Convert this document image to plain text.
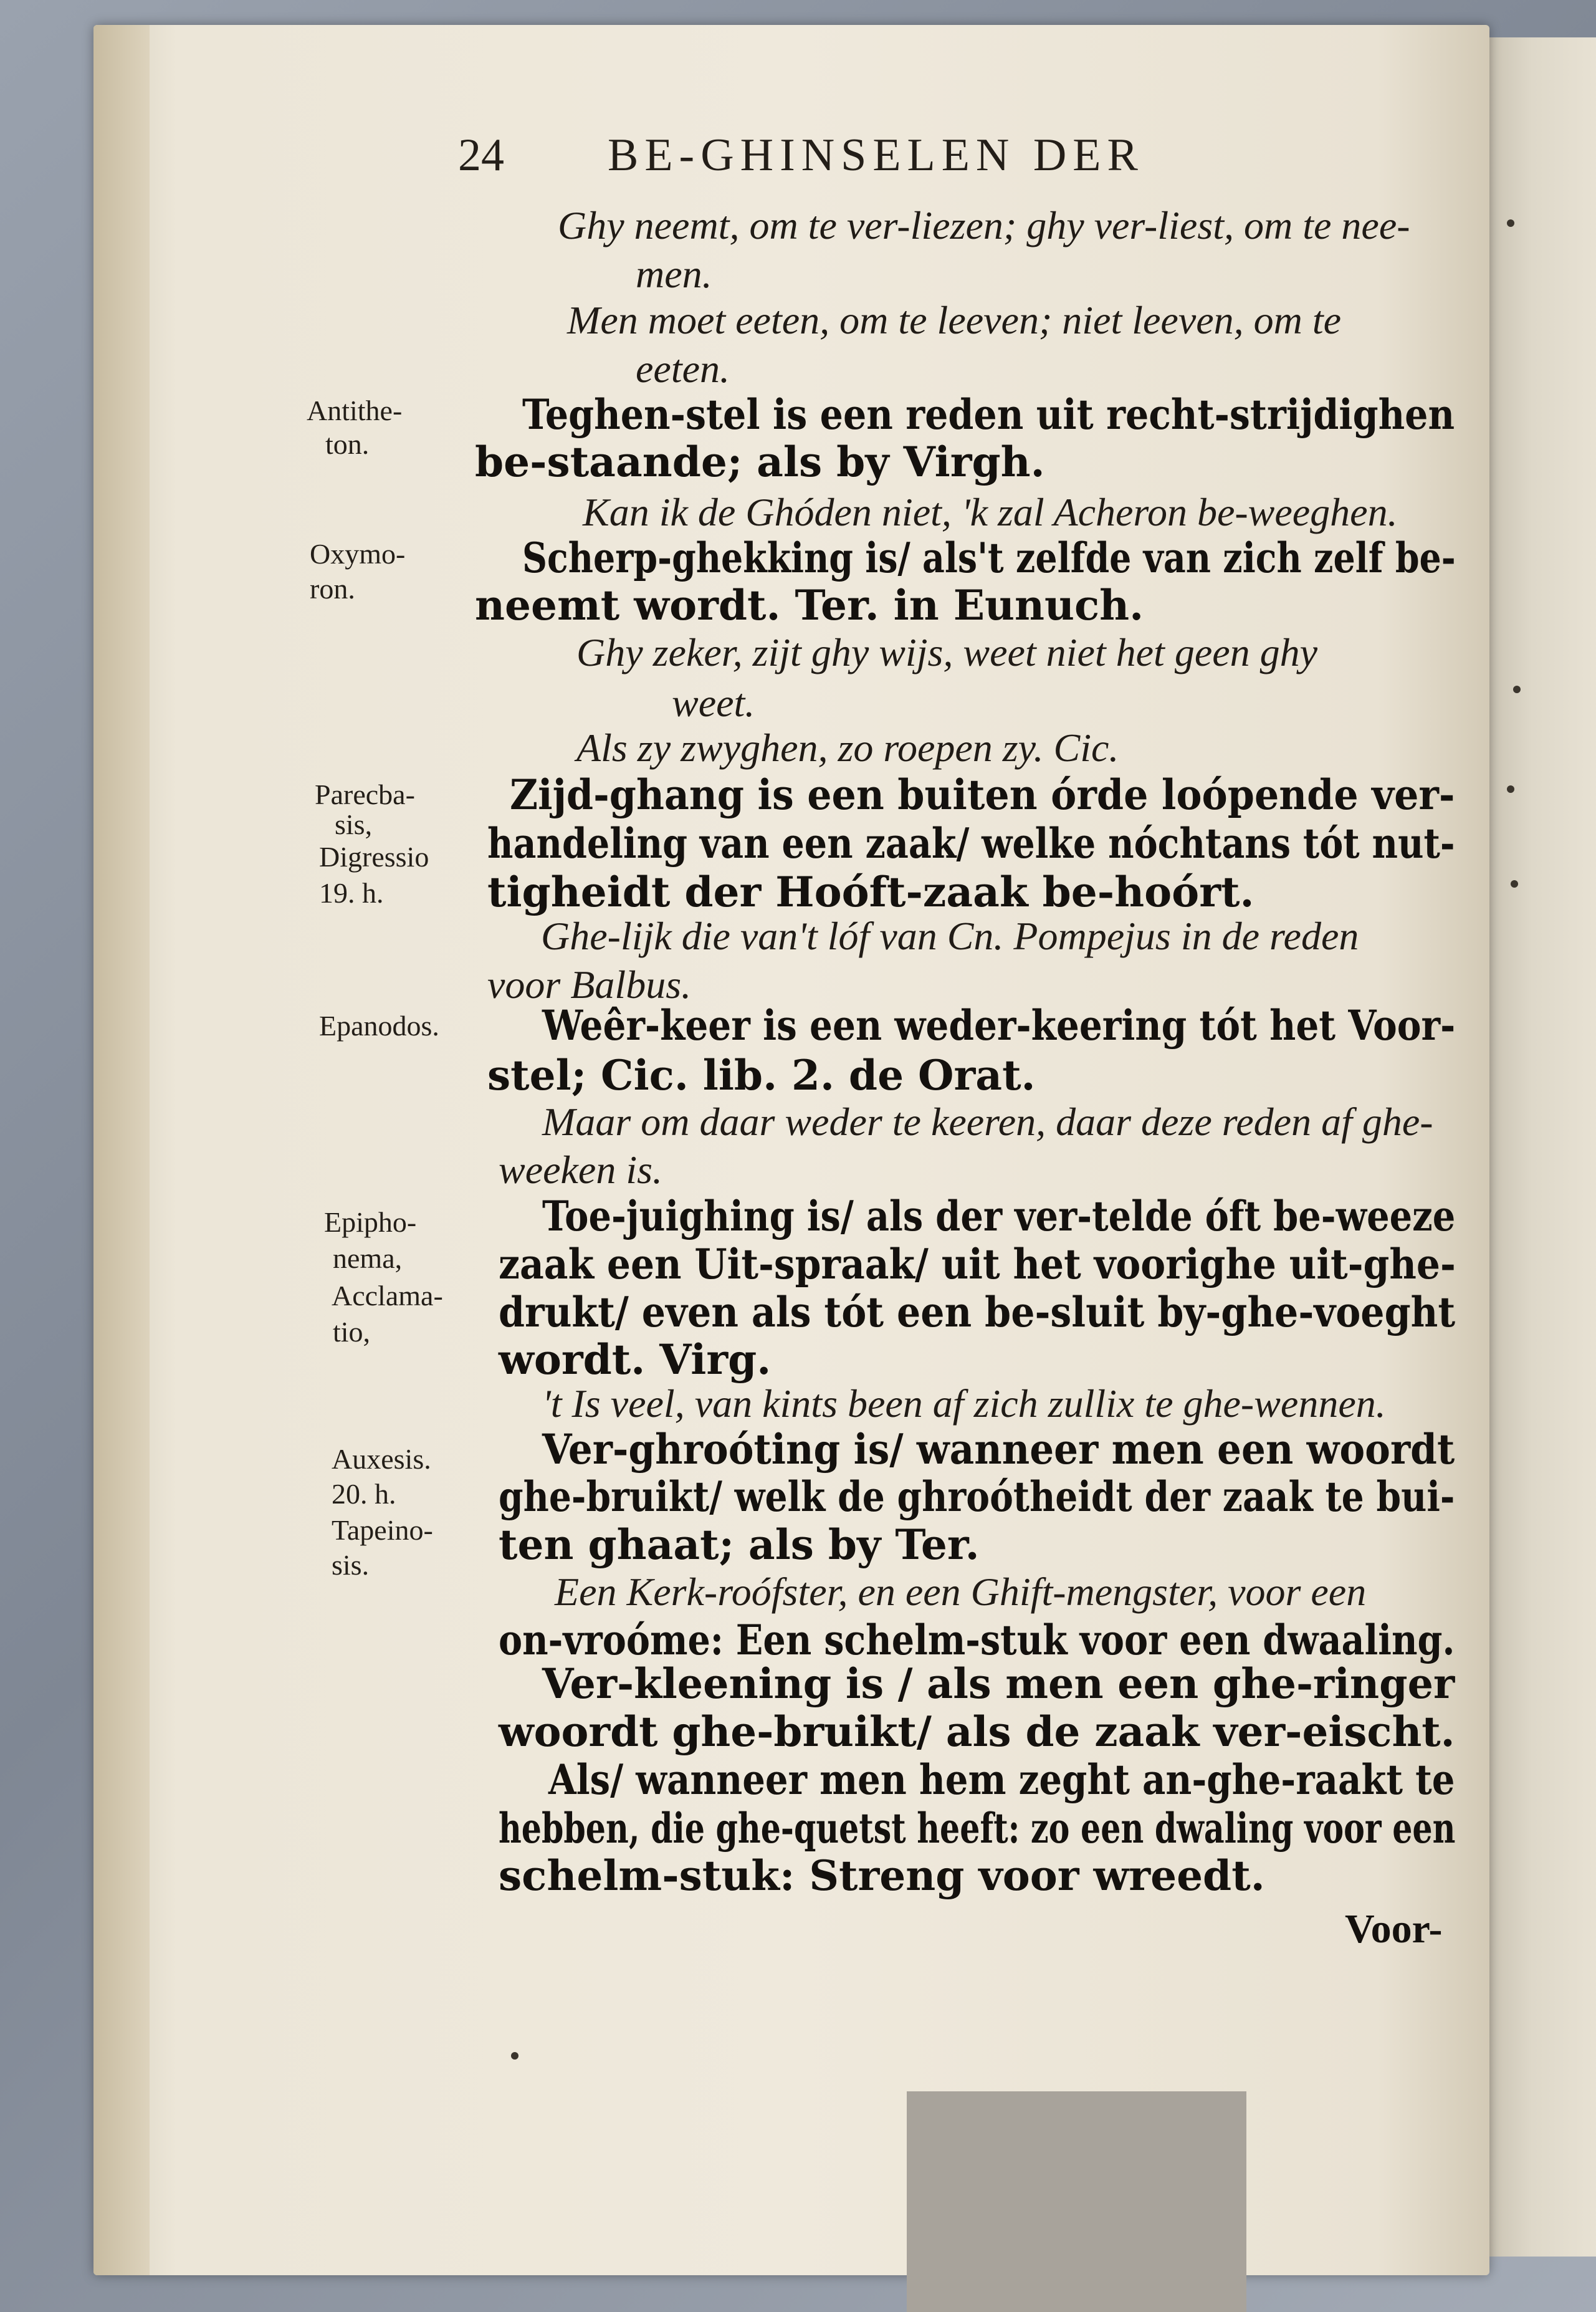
24 BE-GHINSELEN DER
Ghy neemt, om te ver-liezen; ghy ver-liest, om te nee-
men.
Men moet eeten, om te leeven; niet leeven, om te
eeten.
Teghen-stel is een reden uit recht-strijdighen
be-staande; als by Virgh.
Kan ik de Ghóden niet, 'k zal Acheron be-weeghen.
Scherp-ghekking is/ als't zelfde van zich zelf be-
neemt wordt. Ter. in Eunuch.
Ghy zeker, zijt ghy wijs, weet niet het geen ghy
weet.
Als zy zwyghen, zo roepen zy. Cic.
Zijd-ghang is een buiten órde loópende ver-
handeling van een zaak/ welke nóchtans tót nut-
tigheidt der Hoóft-zaak be-hoórt.
Ghe-lijk die van't lóf van Cn. Pompejus in de reden
voor Balbus.
Weêr-keer is een weder-keering tót het Voor-
stel; Cic. lib. 2. de Orat.
Maar om daar weder te keeren, daar deze reden af ghe-
weeken is.
Toe-juighing is/ als der ver-telde óft be-weeze
zaak een Uit-spraak/ uit het voorighe uit-ghe-
drukt/ even als tót een be-sluit by-ghe-voeght
wordt. Virg.
't Is veel, van kints been af zich zullix te ghe-wennen.
Ver-ghroóting is/ wanneer men een woordt
ghe-bruikt/ welk de ghroótheidt der zaak te bui-
ten ghaat; als by Ter.
Een Kerk-roófster, en een Ghift-mengster, voor een
on-vroóme: Een schelm-stuk voor een dwaaling.
Ver-kleening is / als men een ghe-ringer
woordt ghe-bruikt/ als de zaak ver-eischt.
Als/ wanneer men hem zeght an-ghe-raakt te
hebben, die ghe-quetst heeft: zo een dwaling voor een
schelm-stuk: Streng voor wreedt.
Voor-
Antithe-
ton.
Oxymo-
ron.
Parecba-
sis,
Digressio
19. h.
Epanodos.
Epipho-
nema,
Acclama-
tio,
Auxesis.
20. h.
Tapeino-
sis.
